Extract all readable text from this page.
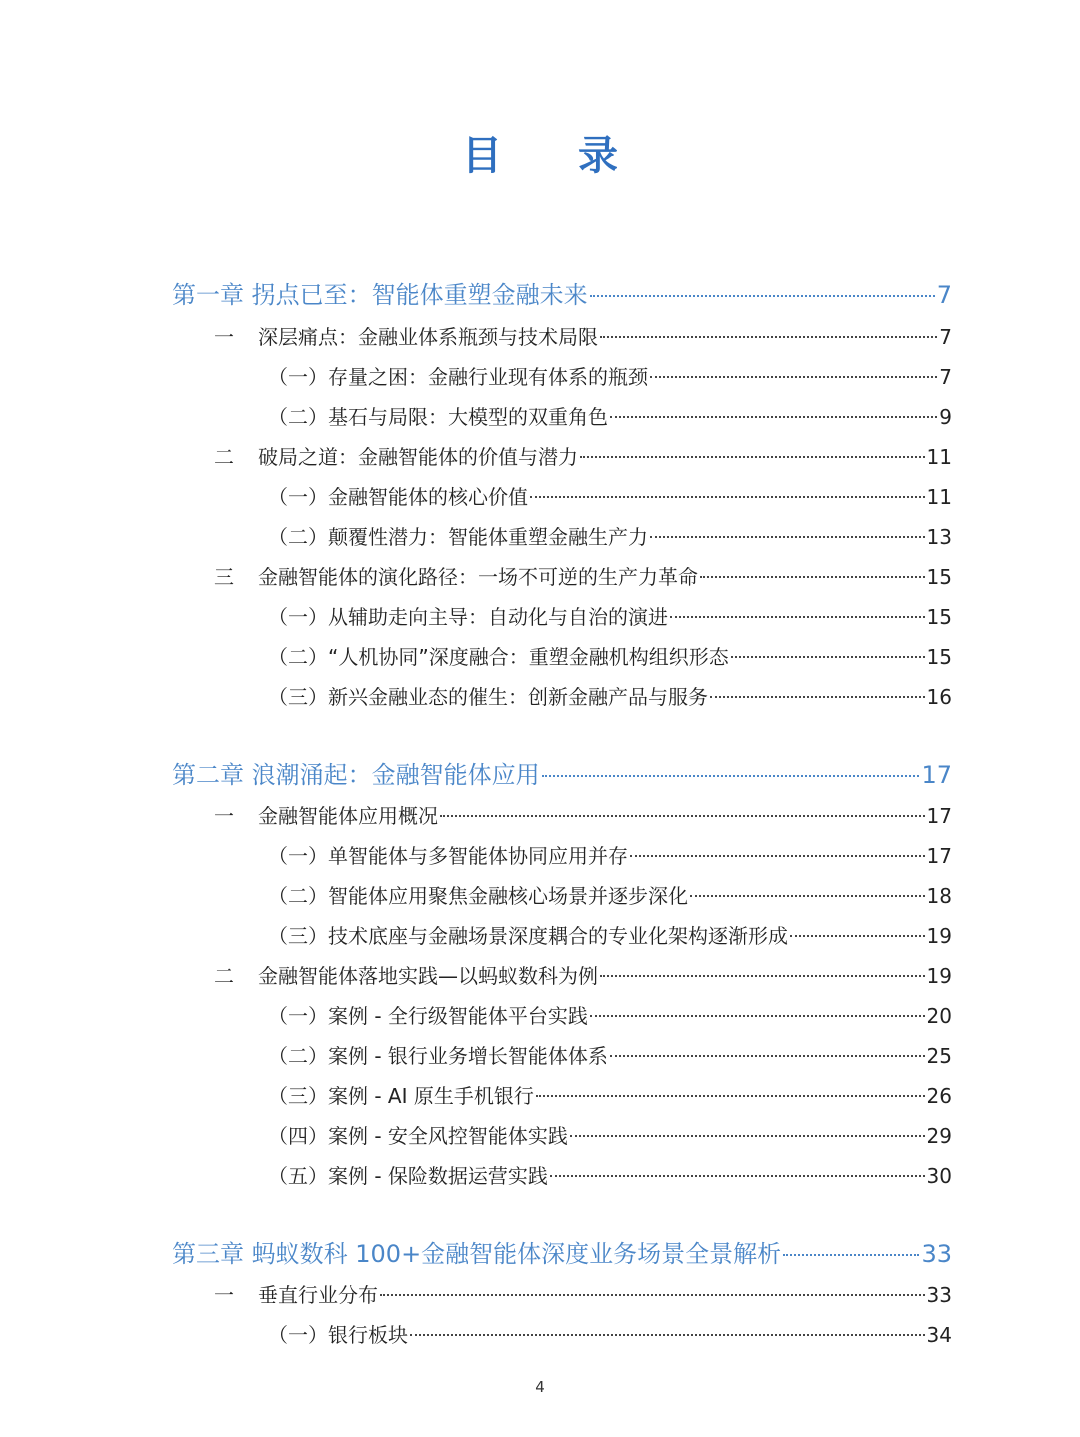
目 录
第一章 拐点已至：智能体重塑金融未来	7
一	深层痛点：金融业体系瓶颈与技术局限	7
（一）存量之困：金融行业现有体系的瓶颈	7
（二）基石与局限：大模型的双重角色	9
二	破局之道：金融智能体的价值与潜力	11
（一）金融智能体的核心价值	11
（二）颠覆性潜力：智能体重塑金融生产力	13
三	金融智能体的演化路径：一场不可逆的生产力革命	15
（一）从辅助走向主导：自动化与自治的演进	15
（二）“人机协同”深度融合：重塑金融机构组织形态	15
（三）新兴金融业态的催生：创新金融产品与服务	16
第二章 浪潮涌起：金融智能体应用	17
一	金融智能体应用概况	17
（一）单智能体与多智能体协同应用并存	17
（二）智能体应用聚焦金融核心场景并逐步深化	18
（三）技术底座与金融场景深度耦合的专业化架构逐渐形成	19
二	金融智能体落地实践—以蚂蚁数科为例	19
（一）案例 - 全行级智能体平台实践	20
（二）案例 - 银行业务增长智能体体系	25
（三）案例 - AI 原生手机银行	26
（四）案例 - 安全风控智能体实践	29
（五）案例 - 保险数据运营实践	30
第三章 蚂蚁数科 100+金融智能体深度业务场景全景解析	33
一	垂直行业分布	33
（一）银行板块	34
4
